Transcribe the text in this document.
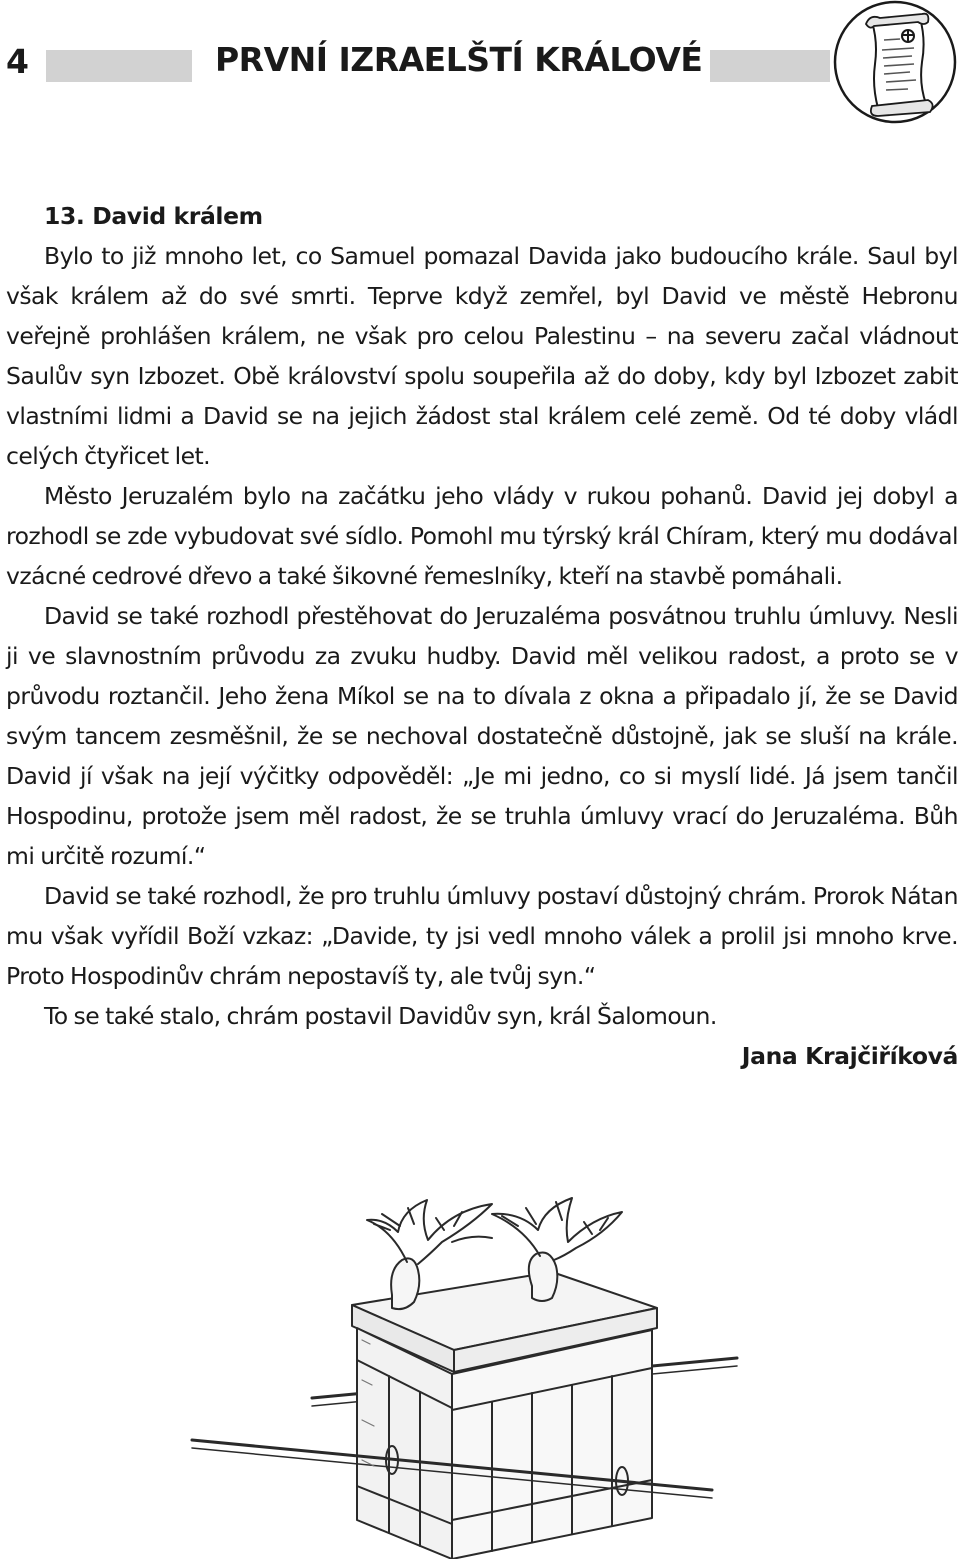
4	PRVNÍ IZRAELŠTÍ KRÁLOVÉ
13. David králem

Bylo to již mnoho let, co Samuel pomazal Davida jako budoucího krále. Saul byl však králem až do své smrti. Teprve když zemřel, byl David ve městě Hebronu veřejně prohlášen králem, ne však pro celou Palestinu – na severu začal vládnout Saulův syn Izbozet. Obě království spolu soupeřila až do doby, kdy byl Izbozet zabit vlastními lidmi a David se na jejich žádost stal králem celé země. Od té doby vládl celých čtyřicet let.

Město Jeruzalém bylo na začátku jeho vlády v rukou pohanů. David jej dobyl a rozhodl se zde vybudovat své sídlo. Pomohl mu týrský král Chíram, který mu dodával vzácné cedrové dřevo a také šikovné řemeslníky, kteří na stavbě pomáhali.

David se také rozhodl přestěhovat do Jeruzaléma posvátnou truhlu úmluvy. Nesli ji ve slavnostním průvodu za zvuku hudby. David měl velikou radost, a proto se v průvodu roztančil. Jeho žena Míkol se na to dívala z okna a připadalo jí, že se David svým tancem zesměšnil, že se nechoval dostatečně důstojně, jak se sluší na krále. David jí však na její výčitky odpověděl: „Je mi jedno, co si myslí lidé. Já jsem tančil Hospodinu, protože jsem měl radost, že se truhla úmluvy vrací do Jeruzaléma. Bůh mi určitě rozumí.“

David se také rozhodl, že pro truhlu úmluvy postaví důstojný chrám. Prorok Nátan mu však vyřídil Boží vzkaz: „Davide, ty jsi vedl mnoho válek a prolil jsi mnoho krve. Proto Hospodinův chrám nepostavíš ty, ale tvůj syn.“

To se také stalo, chrám postavil Davidův syn, král Šalomoun.

Jana Krajčiříková
